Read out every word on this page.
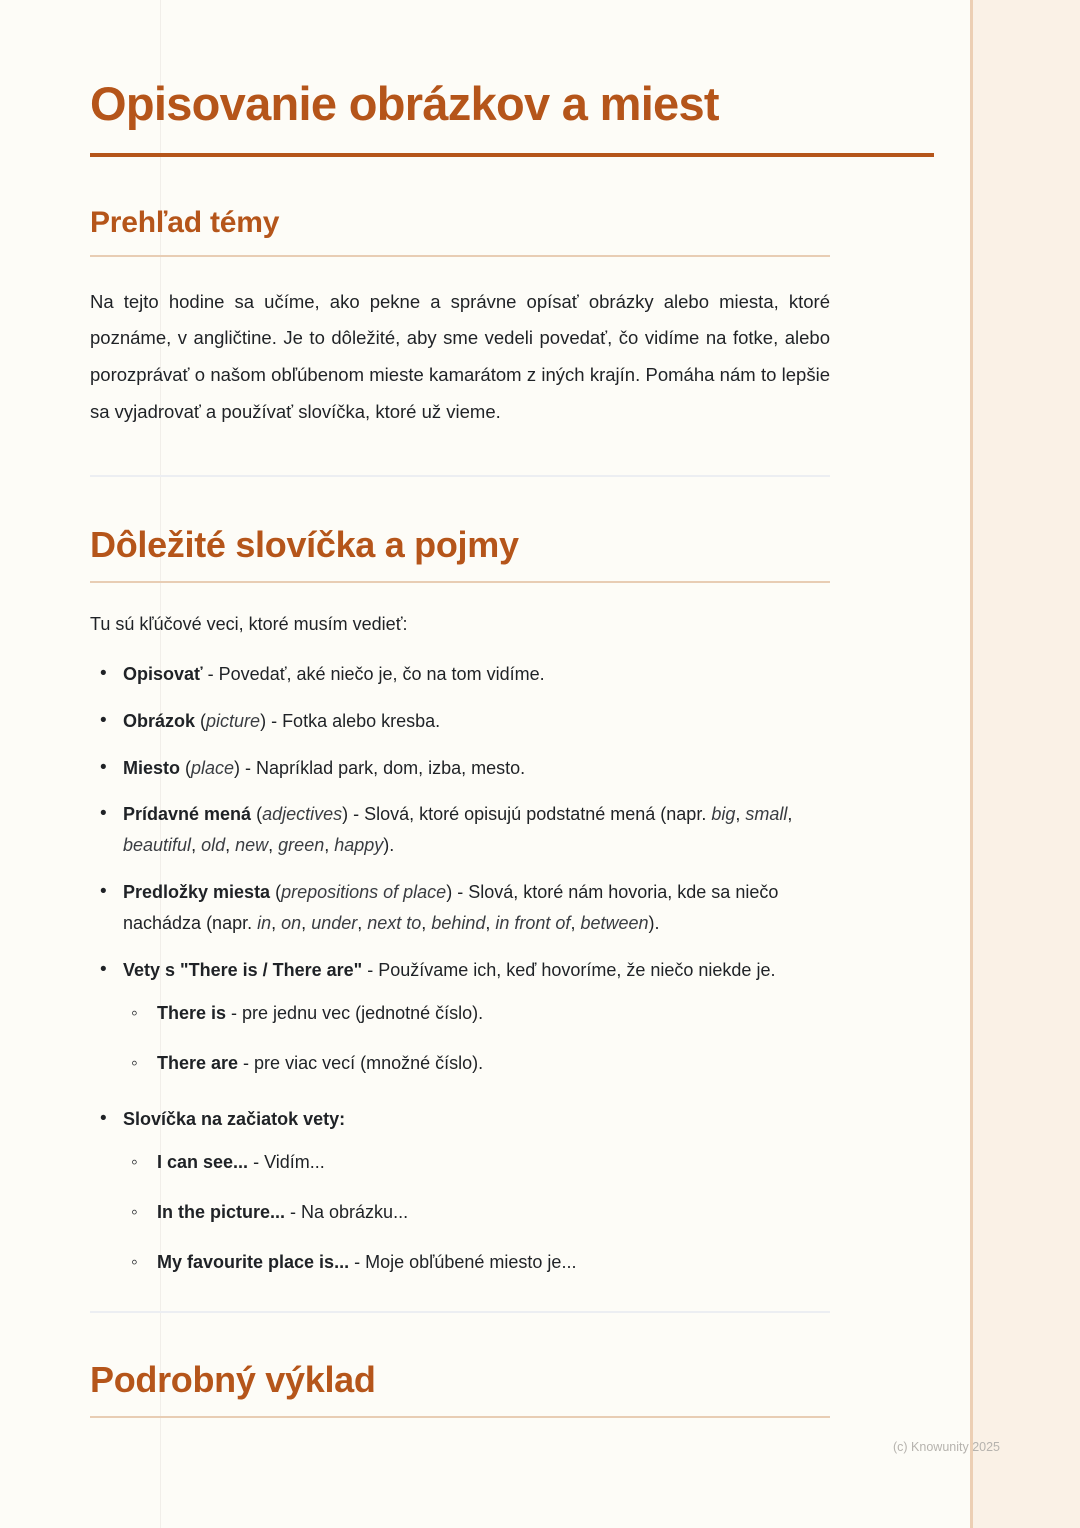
Opisovanie obrázkov a miest
Prehľad témy

Na tejto hodine sa učíme, ako pekne a správne opísať obrázky alebo miesta, ktoré poznáme, v angličtine. Je to dôležité, aby sme vedeli povedať, čo vidíme na fotke, alebo porozprávať o našom obľúbenom mieste kamarátom z iných krajín. Pomáha nám to lepšie sa vyjadrovať a používať slovíčka, ktoré už vieme.

Dôležité slovíčka a pojmy

Tu sú kľúčové veci, ktoré musím vedieť:

• Opisovať - Povedať, aké niečo je, čo na tom vidíme.
• Obrázok (picture) - Fotka alebo kresba.
• Miesto (place) - Napríklad park, dom, izba, mesto.
• Prídavné mená (adjectives) - Slová, ktoré opisujú podstatné mená (napr. big, small, beautiful, old, new, green, happy).
• Predložky miesta (prepositions of place) - Slová, ktoré nám hovoria, kde sa niečo nachádza (napr. in, on, under, next to, behind, in front of, between).
• Vety s "There is / There are" - Používame ich, keď hovoríme, že niečo niekde je.
◦ There is - pre jednu vec (jednotné číslo).
◦ There are - pre viac vecí (množné číslo).
• Slovíčka na začiatok vety:
◦ I can see... - Vidím...
◦ In the picture... - Na obrázku...
◦ My favourite place is... - Moje obľúbené miesto je...
Podrobný výklad
(c) Knowunity 2025
